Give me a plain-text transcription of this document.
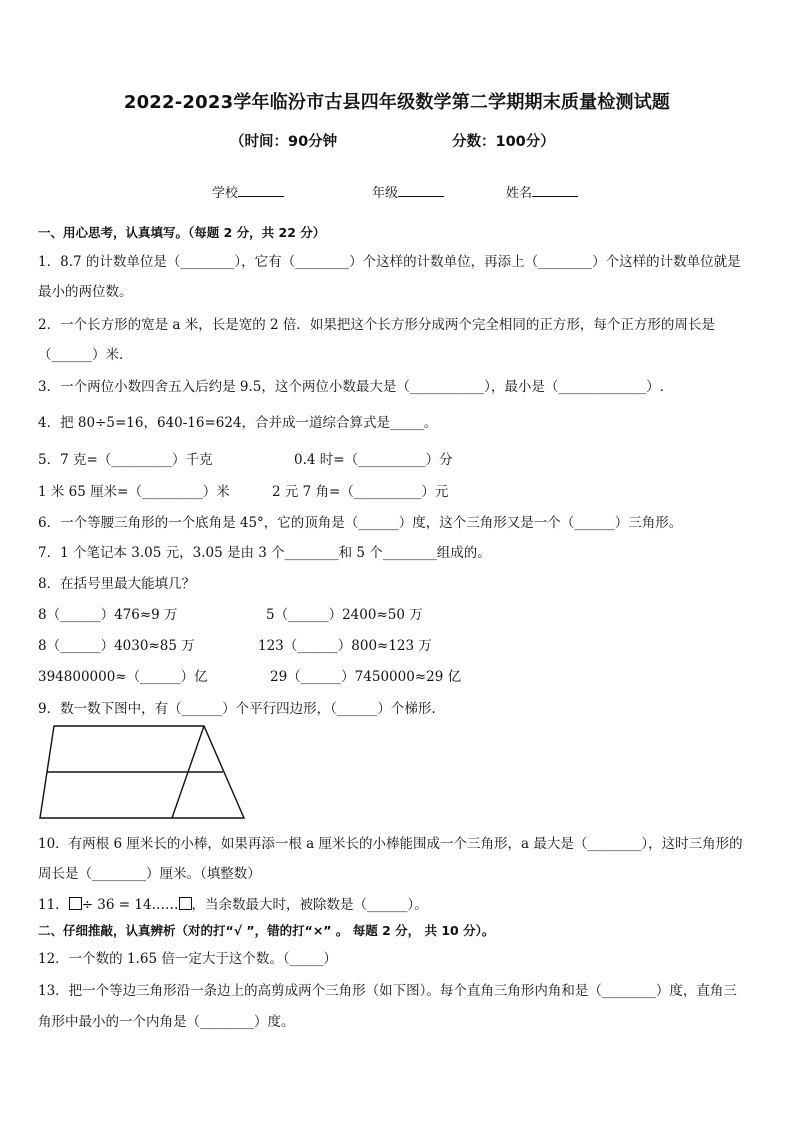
2022-2023学年临汾市古县四年级数学第二学期期末质量检测试题
（时间：90分钟	分数：100分）
学校	年级	姓名
一、用心思考，认真填写。（每题 2 分，共 22 分）
1．8.7 的计数单位是（________），它有（________）个这样的计数单位，再添上（________）个这样的计数单位就是
最小的两位数。
2．一个长方形的宽是 a 米，长是宽的 2 倍．如果把这个长方形分成两个完全相同的正方形，每个正方形的周长是
（______）米．
3．一个两位小数四舍五入后约是 9.5，这个两位小数最大是（___________），最小是（_____________）.
4．把 80÷5=16，640-16=624，合并成一道综合算式是_____。
5．7 克=（_________）千克	0.4 时=（__________）分
1 米 65 厘米=（_________）米	2 元 7 角=（__________）元
6．一个等腰三角形的一个底角是 45°，它的顶角是（______）度，这个三角形又是一个（______）三角形。
7．1 个笔记本 3.05 元，3.05 是由 3 个________和 5 个________组成的。
8．在括号里最大能填几？
8（______）476≈9 万	5（______）2400≈50 万
8（______）4030≈85 万	123（______）800≈123 万
394800000≈（______）亿	29（______）7450000≈29 亿
9．数一数下图中，有（______）个平行四边形，（______）个梯形.
10．有两根 6 厘米长的小棒，如果再添一根 a 厘米长的小棒能围成一个三角形，a 最大是（________），这时三角形的
周长是（________）厘米。（填整数）
11． ÷ 36 = 14…… ，当余数最大时，被除数是（______）。
二、仔细推敲，认真辨析（对的打“√ ”，错的打“×” 。 每题 2 分， 共 10 分）。
12．一个数的 1.65 倍一定大于这个数。（_____）
13．把一个等边三角形沿一条边上的高剪成两个三角形（如下图）。每个直角三角形内角和是（________）度，直角三
角形中最小的一个内角是（________）度。
